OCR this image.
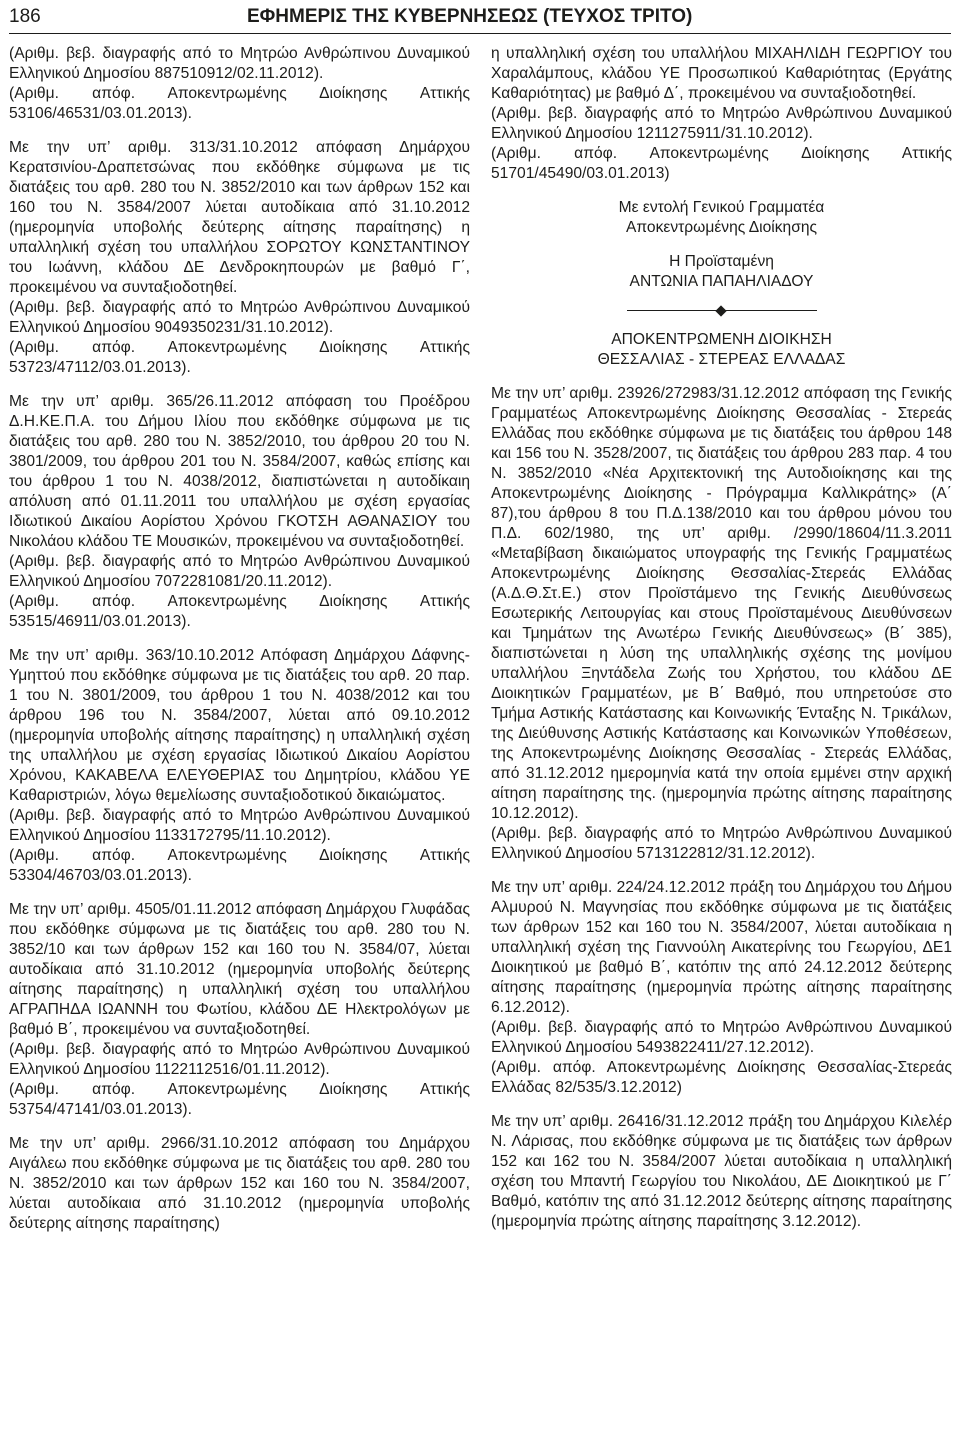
186	ΕΦΗΜΕΡΙΣ ΤΗΣ ΚΥΒΕΡΝΗΣΕΩΣ (ΤΕΥΧΟΣ ΤΡΙΤΟ)

(Αριθμ. βεβ. διαγραφής από το Μητρώο Ανθρώπινου Δυναμικού Ελληνικού Δημοσίου 887510912/02.11.2012).

(Αριθμ. απόφ. Αποκεντρωμένης Διοίκησης Αττικής 53106/46531/03.01.2013).

Με την υπ’ αριθμ. 313/31.10.2012 απόφαση Δημάρχου Κερατσινίου-Δραπετσώνας που εκδόθηκε σύμφωνα με τις διατάξεις του αρθ. 280 του Ν. 3852/2010 και των άρθρων 152 και 160 του Ν. 3584/2007 λύεται αυτοδίκαια από 31.10.2012 (ημερομηνία υποβολής δεύτερης αίτησης παραίτησης) η υπαλληλική σχέση του υπαλλήλου ΣΟΡΩΤΟΥ ΚΩΝΣΤΑΝΤΙΝΟΥ του Ιωάννη, κλάδου ΔΕ Δενδροκηπουρών με βαθμό Γ΄, προκειμένου να συνταξιοδοτηθεί.

(Αριθμ. βεβ. διαγραφής από το Μητρώο Ανθρώπινου Δυναμικού Ελληνικού Δημοσίου 9049350231/31.10.2012).

(Αριθμ. απόφ. Αποκεντρωμένης Διοίκησης Αττικής 53723/47112/03.01.2013).

Με την υπ’ αριθμ. 365/26.11.2012 απόφαση του Προέδρου Δ.Η.ΚΕ.Π.Α. του Δήμου Ιλίου που εκδόθηκε σύμφωνα με τις διατάξεις του αρθ. 280 του Ν. 3852/2010, του άρθρου 20 του Ν. 3801/2009, του άρθρου 201 του Ν. 3584/2007, καθώς επίσης και του άρθρου 1 του Ν. 4038/2012, διαπιστώνεται η αυτοδίκαιη απόλυση από 01.11.2011 του υπαλλήλου με σχέση εργασίας Ιδιωτικού Δικαίου Αορίστου Χρόνου ΓΚΟΤΣΗ ΑΘΑΝΑΣΙΟΥ του Νικολάου κλάδου ΤΕ Μουσικών, προκειμένου να συνταξιοδοτηθεί.

(Αριθμ. βεβ. διαγραφής από το Μητρώο Ανθρώπινου Δυναμικού Ελληνικού Δημοσίου 7072281081/20.11.2012).

(Αριθμ. απόφ. Αποκεντρωμένης Διοίκησης Αττικής 53515/46911/03.01.2013).

Με την υπ’ αριθμ. 363/10.10.2012 Απόφαση Δημάρχου Δάφνης-Υμηττού που εκδόθηκε σύμφωνα με τις διατάξεις του αρθ. 20 παρ. 1 του Ν. 3801/2009, του άρθρου 1 του Ν. 4038/2012 και του άρθρου 196 του Ν. 3584/2007, λύεται από 09.10.2012 (ημερομηνία υποβολής αίτησης παραίτησης) η υπαλληλική σχέση της υπαλλήλου με σχέση εργασίας Ιδιωτικού Δικαίου Αορίστου Χρόνου, ΚΑΚΑΒΕΛΑ ΕΛΕΥΘΕΡΙΑΣ του Δημητρίου, κλάδου ΥΕ Καθαριστριών, λόγω θεμελίωσης συνταξιοδοτικού δικαιώματος.

(Αριθμ. βεβ. διαγραφής από το Μητρώο Ανθρώπινου Δυναμικού Ελληνικού Δημοσίου 1133172795/11.10.2012).

(Αριθμ. απόφ. Αποκεντρωμένης Διοίκησης Αττικής 53304/46703/03.01.2013).

Με την υπ’ αριθμ. 4505/01.11.2012 απόφαση Δημάρχου Γλυφάδας που εκδόθηκε σύμφωνα με τις διατάξεις του αρθ. 280 του Ν. 3852/10 και των άρθρων 152 και 160 του Ν. 3584/07, λύεται αυτοδίκαια από 31.10.2012 (ημερομηνία υποβολής δεύτερης αίτησης παραίτησης) η υπαλληλική σχέση του υπαλλήλου ΑΓΡΑΠΗΔΑ ΙΩΑΝΝΗ του Φωτίου, κλάδου ΔΕ Ηλεκτρολόγων με βαθμό Β΄, προκειμένου να συνταξιοδοτηθεί.

(Αριθμ. βεβ. διαγραφής από το Μητρώο Ανθρώπινου Δυναμικού Ελληνικού Δημοσίου 1122112516/01.11.2012).

(Αριθμ. απόφ. Αποκεντρωμένης Διοίκησης Αττικής 53754/47141/03.01.2013).

Με την υπ’ αριθμ. 2966/31.10.2012 απόφαση του Δημάρχου Αιγάλεω που εκδόθηκε σύμφωνα με τις διατάξεις του αρθ. 280 του Ν. 3852/2010 και των άρθρων 152 και 160 του Ν. 3584/2007, λύεται αυτοδίκαια από 31.10.2012 (ημερομηνία υποβολής δεύτερης αίτησης παραίτησης)

η υπαλληλική σχέση του υπαλλήλου ΜΙΧΑΗΛΙΔΗ ΓΕΩΡΓΙΟΥ του Χαραλάμπους, κλάδου ΥΕ Προσωπικού Καθαριότητας (Εργάτης Καθαριότητας) με βαθμό Δ΄, προκειμένου να συνταξιοδοτηθεί.

(Αριθμ. βεβ. διαγραφής από το Μητρώο Ανθρώπινου Δυναμικού Ελληνικού Δημοσίου 1211275911/31.10.2012).

(Αριθμ. απόφ. Αποκεντρωμένης Διοίκησης Αττικής 51701/45490/03.01.2013)

Με εντολή Γενικού Γραμματέα

Αποκεντρωμένης Διοίκησης

Η Προϊσταμένη

ΑΝΤΩΝΙΑ ΠΑΠΑΗΛΙΑΔΟΥ

ΑΠΟΚΕΝΤΡΩΜΕΝΗ ΔΙΟΙΚΗΣΗ

ΘΕΣΣΑΛΙΑΣ - ΣΤΕΡΕΑΣ ΕΛΛΑΔΑΣ

Με την υπ’ αριθμ. 23926/272983/31.12.2012 απόφαση της Γενικής Γραμματέως Αποκεντρωμένης Διοίκησης Θεσσαλίας - Στερεάς Ελλάδας που εκδόθηκε σύμφωνα με τις διατάξεις του άρθρου 148 και 156 του Ν. 3528/2007, τις διατάξεις του άρθρου 283 παρ. 4 του Ν. 3852/2010 «Νέα Αρχιτεκτονική της Αυτοδιοίκησης και της Αποκεντρωμένης Διοίκησης - Πρόγραμμα Καλλικράτης» (Α΄ 87),του άρθρου 8 του Π.Δ.138/2010 και του άρθρου μόνου του Π.Δ. 602/1980, της υπ’ αριθμ. /2990/18604/11.3.2011 «Μεταβίβαση δικαιώματος υπογραφής της Γενικής Γραμματέως Αποκεντρωμένης Διοίκησης Θεσσαλίας-Στερεάς Ελλάδας (Α.Δ.Θ.Στ.Ε.) στον Προϊστάμενο της Γενικής Διευθύνσεως Εσωτερικής Λειτουργίας και στους Προϊσταμένους Διευθύνσεων και Τμημάτων της Ανωτέρω Γενικής Διευθύνσεως» (Β΄ 385), διαπιστώνεται η λύση της υπαλληλικής σχέσης της μονίμου υπαλλήλου Ξηντάδελα Ζωής του Χρήστου, του κλάδου ΔΕ Διοικητικών Γραμματέων, με Β΄ Βαθμό, που υπηρετούσε στο Τμήμα Αστικής Κατάστασης και Κοινωνικής Ένταξης Ν. Τρικάλων, της Διεύθυνσης Αστικής Κατάστασης και Κοινωνικών Υποθέσεων, της Αποκεντρωμένης Διοίκησης Θεσσαλίας - Στερεάς Ελλάδας, από 31.12.2012 ημερομηνία κατά την οποία εμμένει στην αρχική αίτηση παραίτησης της. (ημερομηνία πρώτης αίτησης παραίτησης 10.12.2012).

(Αριθμ. βεβ. διαγραφής από το Μητρώο Ανθρώπινου Δυναμικού Ελληνικού Δημοσίου 5713122812/31.12.2012).

Με την υπ’ αριθμ. 224/24.12.2012 πράξη του Δημάρχου του Δήμου Αλμυρού Ν. Μαγνησίας που εκδόθηκε σύμφωνα με τις διατάξεις των άρθρων 152 και 160 του Ν. 3584/2007, λύεται αυτοδίκαια η υπαλληλική σχέση της Γιαννούλη Αικατερίνης του Γεωργίου, ΔΕ1 Διοικητικού με βαθμό Β΄, κατόπιν της από 24.12.2012 δεύτερης αίτησης παραίτησης (ημερομηνία πρώτης αίτησης παραίτησης 6.12.2012).

(Αριθμ. βεβ. διαγραφής από το Μητρώο Ανθρώπινου Δυναμικού Ελληνικού Δημοσίου 5493822411/27.12.2012).

(Αριθμ. απόφ. Αποκεντρωμένης Διοίκησης Θεσσαλίας-Στερεάς Ελλάδας 82/535/3.12.2012)

Με την υπ’ αριθμ. 26416/31.12.2012 πράξη του Δημάρχου Κιλελέρ Ν. Λάρισας, που εκδόθηκε σύμφωνα με τις διατάξεις των άρθρων 152 και 162 του Ν. 3584/2007 λύεται αυτοδίκαια η υπαλληλική σχέση του Μπαντή Γεωργίου του Νικολάου, ΔΕ Διοικητικού με Γ΄ Βαθμό, κατόπιν της από 31.12.2012 δεύτερης αίτησης παραίτησης (ημερομηνία πρώτης αίτησης παραίτησης 3.12.2012).
